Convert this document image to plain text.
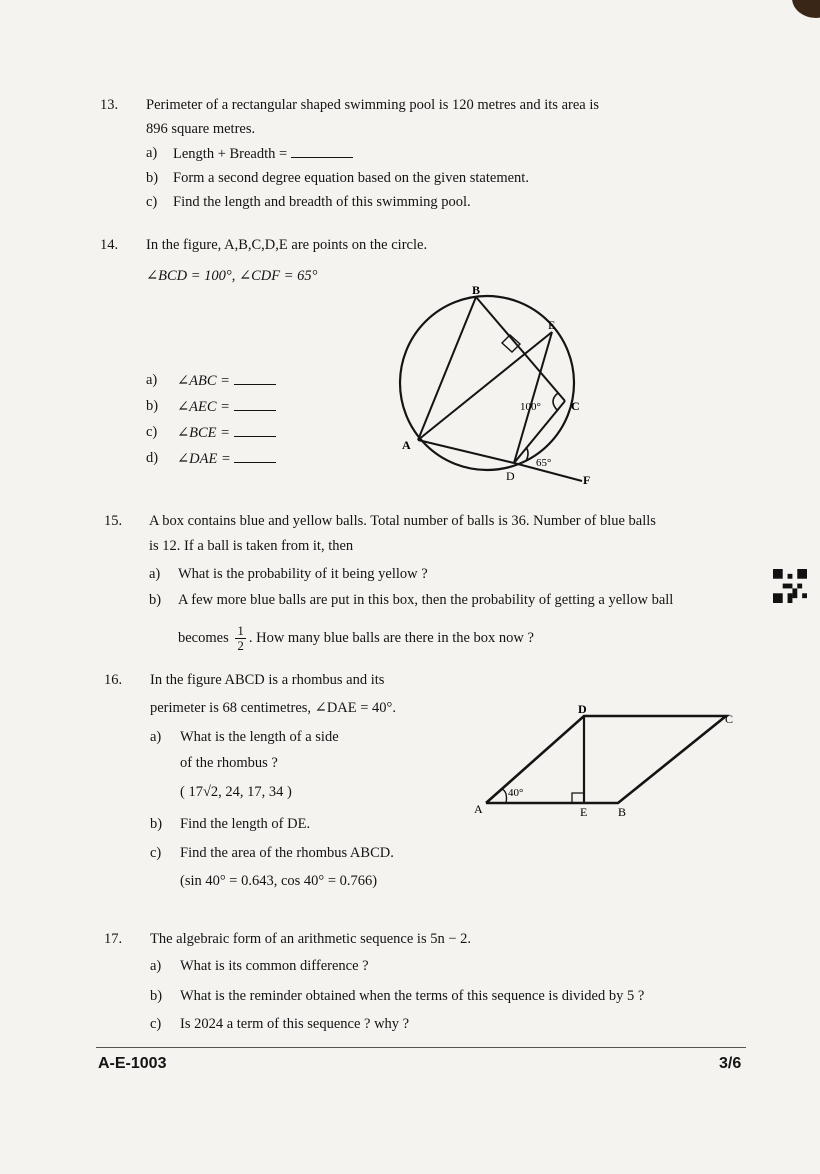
13. Perimeter of a rectangular shaped swimming pool is 120 metres and its area is
896 square metres.
a) Length + Breadth =
b) Form a second degree equation based on the given statement.
c) Find the length and breadth of this swimming pool.
14. In the figure, A,B,C,D,E are points on the circle.
∠BCD = 100°, ∠CDF = 65°
a) ∠ABC =
b) ∠AEC =
c) ∠BCE =
d) ∠DAE =
B
E
C
A
D	F
100°
65°
15. A box contains blue and yellow balls. Total number of balls is 36. Number of blue balls
is 12. If a ball is taken from it, then
a) What is the probability of it being yellow ?
b) A few more blue balls are put in this box, then the probability of getting a yellow ball
becomes $\frac{1}{2}$ . How many blue balls are there in the box now ?
16. In the figure ABCD is a rhombus and its
perimeter is 68 centimetres, ∠DAE = 40°.
a) What is the length of a side
of the rhombus ?
( 17√2, 24, 17, 34 )
b) Find the length of DE.
c) Find the area of the rhombus ABCD.
(sin 40° = 0.643, cos 40° = 0.766)
A	B
C
D
E
40°
17. The algebraic form of an arithmetic sequence is 5n − 2.
a) What is its common difference ?
b) What is the reminder obtained when the terms of this sequence is divided by 5 ?
c) Is 2024 a term of this sequence ? why ?
A-E-1003	3/6
